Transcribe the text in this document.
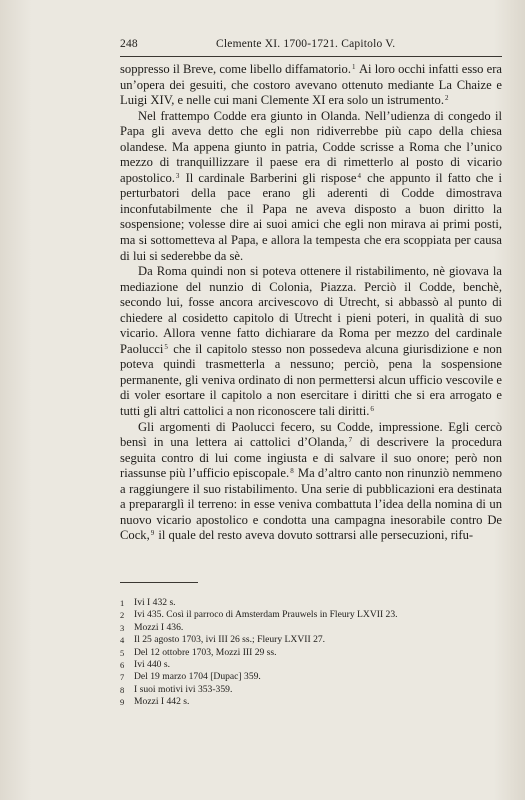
248	Clemente XI. 1700-1721. Capitolo V.

soppresso il Breve, come libello diffamatorio.$^1$ Ai loro occhi infatti esso era un’opera dei gesuiti, che costoro avevano ottenuto mediante La Chaize e Luigi XIV, e nelle cui mani Clemente XI era solo un istrumento.$^2$

Nel frattempo Codde era giunto in Olanda. Nell’udienza di congedo il Papa gli aveva detto che egli non ridiverrebbe più capo della chiesa olandese. Ma appena giunto in patria, Codde scrisse a Roma che l’unico mezzo di tranquillizzare il paese era di rimetterlo al posto di vicario apostolico.$^3$ Il cardinale Barberini gli rispose$^4$ che appunto il fatto che i perturbatori della pace erano gli aderenti di Codde dimostrava inconfutabilmente che il Papa ne aveva disposto a buon diritto la sospensione; volesse dire ai suoi amici che egli non mirava ai primi posti, ma si sottometteva al Papa, e allora la tempesta che era scoppiata per causa di lui si sederebbe da sè.

Da Roma quindi non si poteva ottenere il ristabilimento, nè giovava la mediazione del nunzio di Colonia, Piazza. Perciò il Codde, benchè, secondo lui, fosse ancora arcivescovo di Utrecht, si abbassò al punto di chiedere al cosidetto capitolo di Utrecht i pieni poteri, in qualità di suo vicario. Allora venne fatto dichiarare da Roma per mezzo del cardinale Paolucci$^5$ che il capitolo stesso non possedeva alcuna giurisdizione e non poteva quindi trasmetterla a nessuno; perciò, pena la sospensione permanente, gli veniva ordinato di non permettersi alcun ufficio vescovile e di voler esortare il capitolo a non esercitare i diritti che si era arrogato e tutti gli altri cattolici a non riconoscere tali diritti.$^6$

Gli argomenti di Paolucci fecero, su Codde, impressione. Egli cercò bensì in una lettera ai cattolici d’Olanda,$^7$ di descrivere la procedura seguita contro di lui come ingiusta e di salvare il suo onore; però non riassunse più l’ufficio episcopale.$^8$ Ma d’altro canto non rinunziò nemmeno a raggiungere il suo ristabilimento. Una serie di pubblicazioni era destinata a prepararglì il terreno: in esse veniva combattuta l’idea della nomina di un nuovo vicario apostolico e condotta una campagna inesorabile contro De Cock,$^9$ il quale del resto aveva dovuto sottrarsi alle persecuzioni, rifu-

1	Ivi I 432 s.
2	Ivi 435. Così il parroco di Amsterdam Prauwels in Fleury LXVII 23.
3	Mozzi I 436.
4	Il 25 agosto 1703, ivi III 26 ss.; Fleury LXVII 27.
5	Del 12 ottobre 1703, Mozzi III 29 ss.
6	Ivi 440 s.
7	Del 19 marzo 1704 [Dupac] 359.
8	I suoi motivi ivi 353-359.
9	Mozzi I 442 s.
